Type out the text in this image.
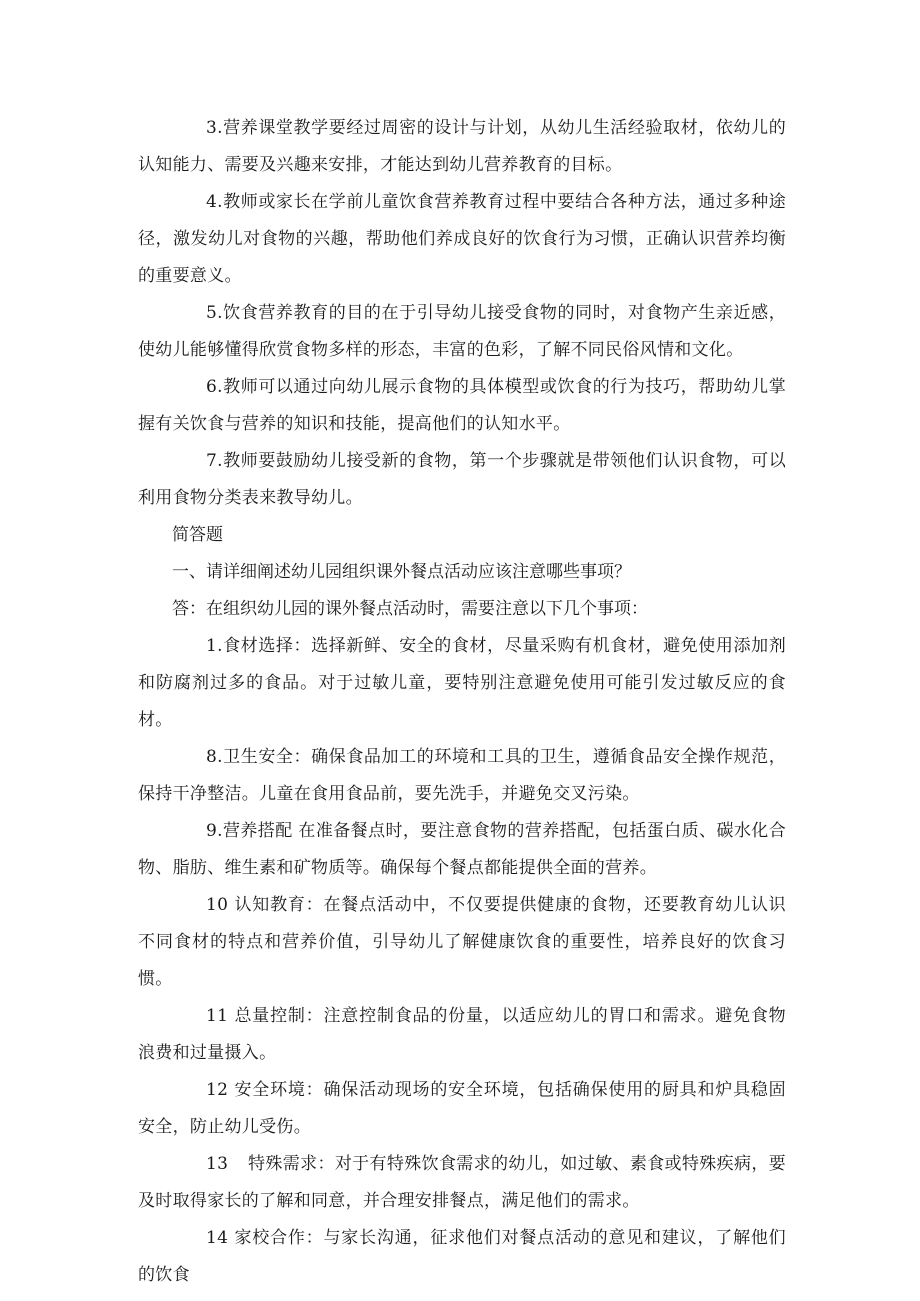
3.营养课堂教学要经过周密的设计与计划，从幼儿生活经验取材，依幼儿的认知能力、需要及兴趣来安排，才能达到幼儿营养教育的目标。

4.教师或家长在学前儿童饮食营养教育过程中要结合各种方法，通过多种途径，激发幼儿对食物的兴趣，帮助他们养成良好的饮食行为习惯，正确认识营养均衡的重要意义。

5.饮食营养教育的目的在于引导幼儿接受食物的同时，对食物产生亲近感，使幼儿能够懂得欣赏食物多样的形态，丰富的色彩，了解不同民俗风情和文化。

6.教师可以通过向幼儿展示食物的具体模型或饮食的行为技巧，帮助幼儿掌握有关饮食与营养的知识和技能，提高他们的认知水平。

7.教师要鼓励幼儿接受新的食物，第一个步骤就是带领他们认识食物，可以利用食物分类表来教导幼儿。

简答题

一、请详细阐述幼儿园组织课外餐点活动应该注意哪些事项？

答：在组织幼儿园的课外餐点活动时，需要注意以下几个事项：

1.食材选择：选择新鲜、安全的食材，尽量采购有机食材，避免使用添加剂和防腐剂过多的食品。对于过敏儿童，要特别注意避免使用可能引发过敏反应的食材。

8.卫生安全：确保食品加工的环境和工具的卫生，遵循食品安全操作规范，保持干净整洁。儿童在食用食品前，要先洗手，并避免交叉污染。

9.营养搭配 在准备餐点时，要注意食物的营养搭配，包括蛋白质、碳水化合物、脂肪、维生素和矿物质等。确保每个餐点都能提供全面的营养。

10 认知教育：在餐点活动中，不仅要提供健康的食物，还要教育幼儿认识不同食材的特点和营养价值，引导幼儿了解健康饮食的重要性，培养良好的饮食习惯。

11 总量控制：注意控制食品的份量，以适应幼儿的胃口和需求。避免食物浪费和过量摄入。

12 安全环境：确保活动现场的安全环境，包括确保使用的厨具和炉具稳固安全，防止幼儿受伤。

13 特殊需求：对于有特殊饮食需求的幼儿，如过敏、素食或特殊疾病，要及时取得家长的了解和同意，并合理安排餐点，满足他们的需求。

14 家校合作：与家长沟通，征求他们对餐点活动的意见和建议，了解他们的饮食
